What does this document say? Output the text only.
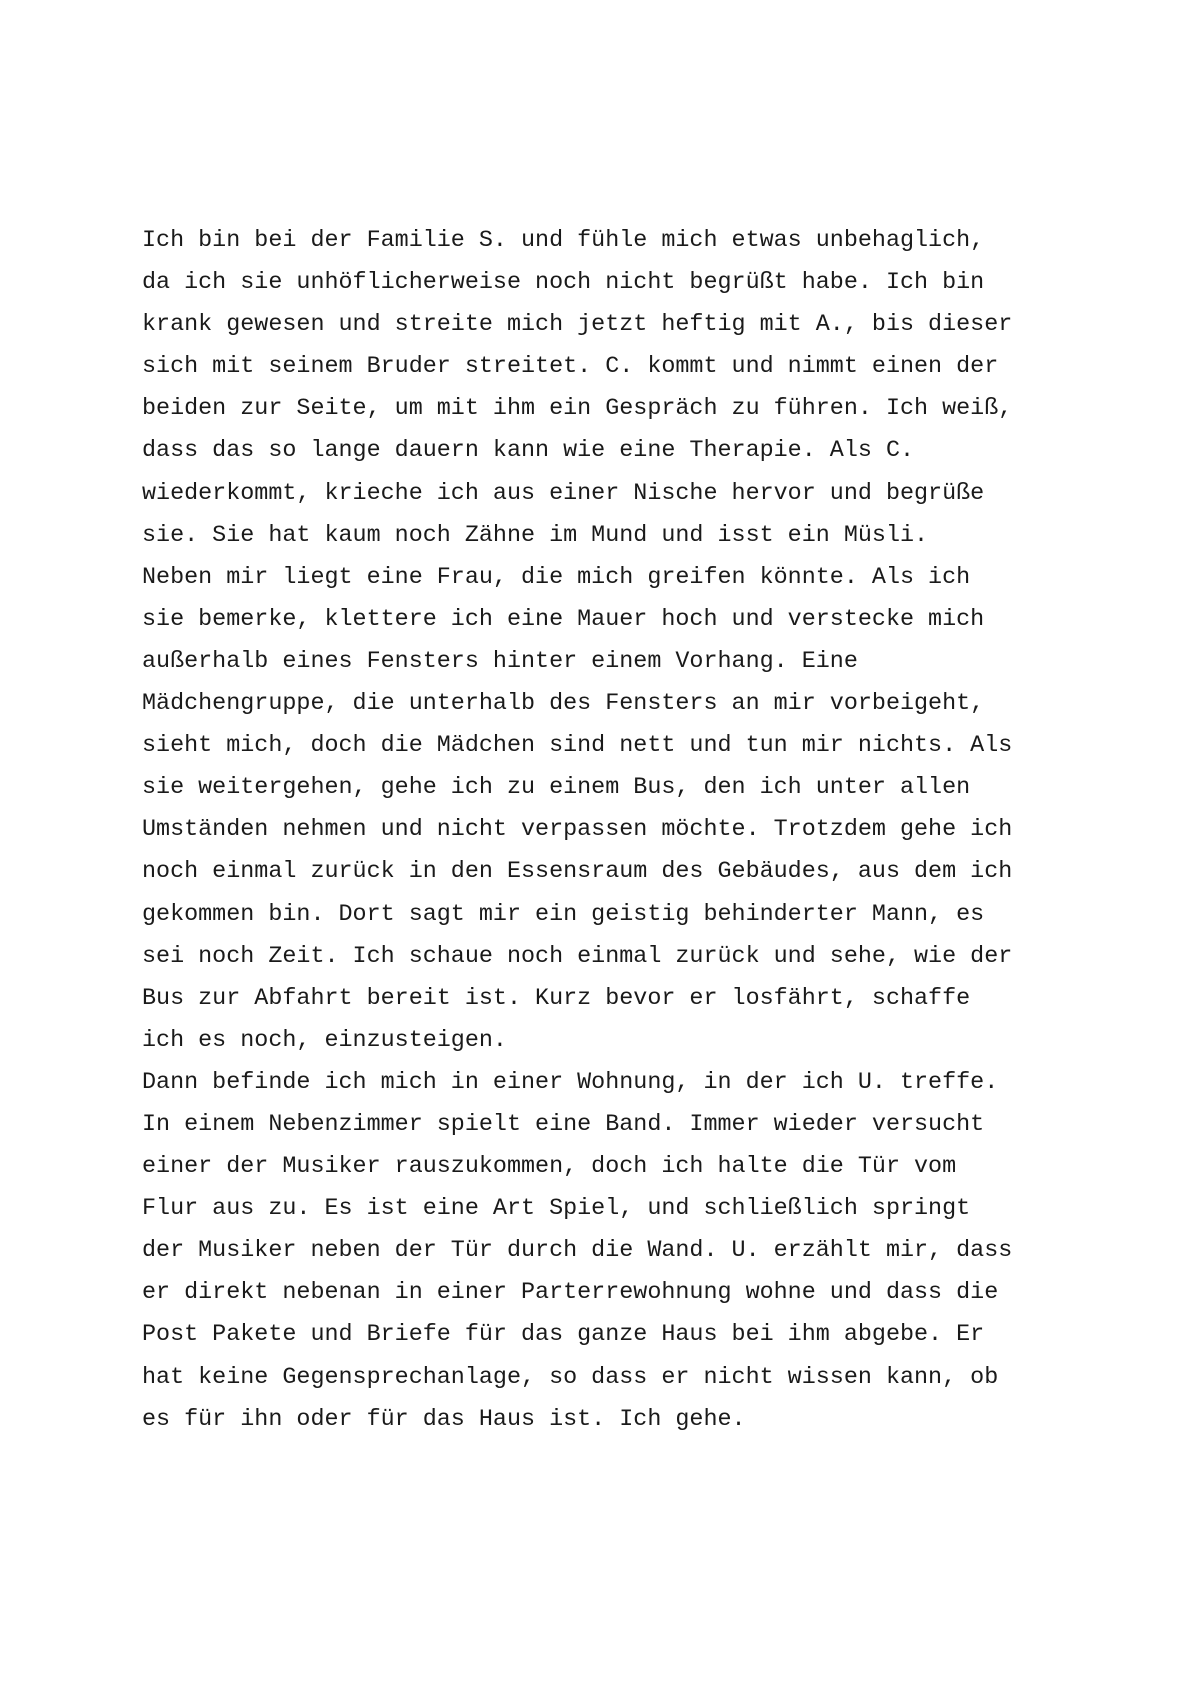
Ich bin bei der Familie S. und fühle mich etwas unbehaglich,
da ich sie unhöflicherweise noch nicht begrüßt habe. Ich bin
krank gewesen und streite mich jetzt heftig mit A., bis dieser
sich mit seinem Bruder streitet. C. kommt und nimmt einen der
beiden zur Seite, um mit ihm ein Gespräch zu führen. Ich weiß,
dass das so lange dauern kann wie eine Therapie. Als C.
wiederkommt, krieche ich aus einer Nische hervor und begrüße
sie. Sie hat kaum noch Zähne im Mund und isst ein Müsli.
Neben mir liegt eine Frau, die mich greifen könnte. Als ich
sie bemerke, klettere ich eine Mauer hoch und verstecke mich
außerhalb eines Fensters hinter einem Vorhang. Eine
Mädchengruppe, die unterhalb des Fensters an mir vorbeigeht,
sieht mich, doch die Mädchen sind nett und tun mir nichts. Als
sie weitergehen, gehe ich zu einem Bus, den ich unter allen
Umständen nehmen und nicht verpassen möchte. Trotzdem gehe ich
noch einmal zurück in den Essensraum des Gebäudes, aus dem ich
gekommen bin. Dort sagt mir ein geistig behinderter Mann, es
sei noch Zeit. Ich schaue noch einmal zurück und sehe, wie der
Bus zur Abfahrt bereit ist. Kurz bevor er losfährt, schaffe
ich es noch, einzusteigen.
Dann befinde ich mich in einer Wohnung, in der ich U. treffe.
In einem Nebenzimmer spielt eine Band. Immer wieder versucht
einer der Musiker rauszukommen, doch ich halte die Tür vom
Flur aus zu. Es ist eine Art Spiel, und schließlich springt
der Musiker neben der Tür durch die Wand. U. erzählt mir, dass
er direkt nebenan in einer Parterrewohnung wohne und dass die
Post Pakete und Briefe für das ganze Haus bei ihm abgebe. Er
hat keine Gegensprechanlage, so dass er nicht wissen kann, ob
es für ihn oder für das Haus ist. Ich gehe.
